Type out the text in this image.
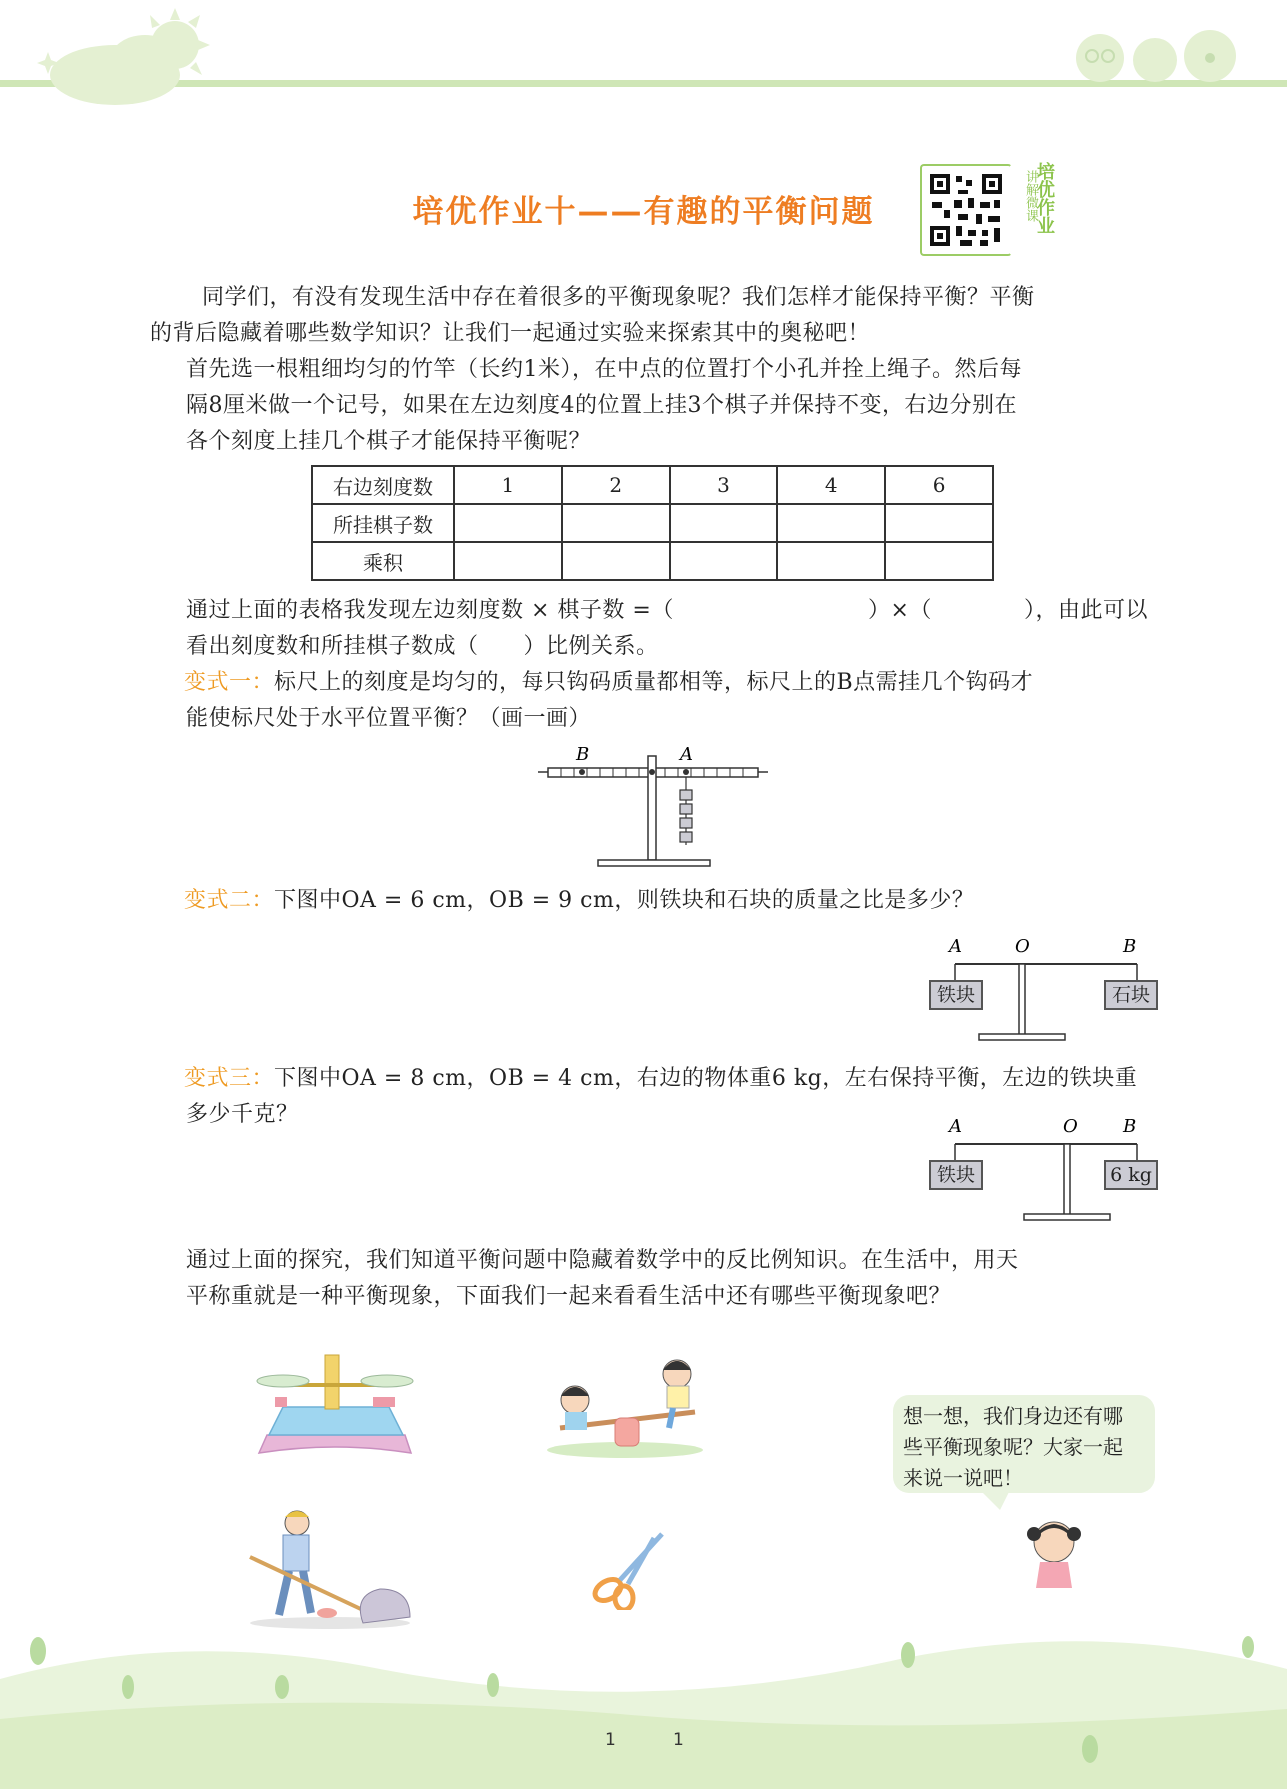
培优作业十——有趣的平衡问题	讲解微课
培优作业
同学们，有没有发现生活中存在着很多的平衡现象呢？我们怎样才能保持平衡？平衡
的背后隐藏着哪些数学知识？让我们一起通过实验来探索其中的奥秘吧！
首先选一根粗细均匀的竹竿（长约1米），在中点的位置打个小孔并拴上绳子。然后每
隔8厘米做一个记号，如果在左边刻度4的位置上挂3个棋子并保持不变，右边分别在
各个刻度上挂几个棋子才能保持平衡呢？
右边刻度数	1	2	3	4	6
所挂棋子数					
乘积					
通过上面的表格我发现左边刻度数 × 棋子数 =（	）×（	），由此可以
看出刻度数和所挂棋子数成（　　）比例关系。
变式一：标尺上的刻度是均匀的，每只钩码质量都相等，标尺上的B点需挂几个钩码才
能使标尺处于水平位置平衡？（画一画）
B	A
变式二：下图中OA = 6 cm，OB = 9 cm，则铁块和石块的质量之比是多少？
A	O	B
铁块	石块
变式三：下图中OA = 8 cm，OB = 4 cm，右边的物体重6 kg，左右保持平衡，左边的铁块重
多少千克？	A	O	B
铁块	6 kg
通过上面的探究，我们知道平衡问题中隐藏着数学中的反比例知识。在生活中，用天
平称重就是一种平衡现象，下面我们一起来看看生活中还有哪些平衡现象吧？
想一想，我们身边还有哪
些平衡现象呢？大家一起
来说一说吧！
1	1
